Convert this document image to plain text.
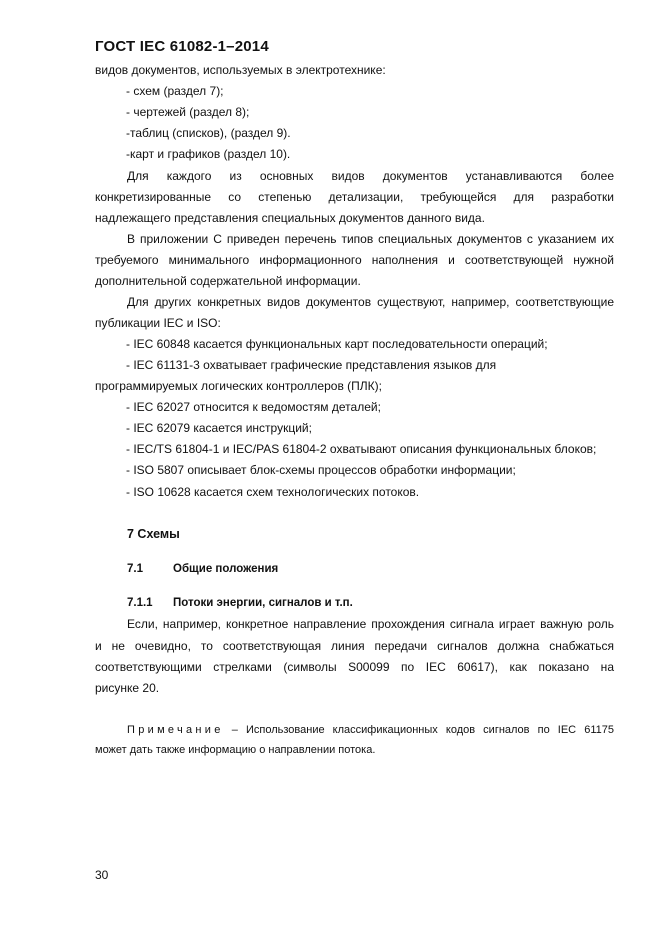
ГОСТ IEC 61082-1–2014
видов документов, используемых в электротехнике:
- схем (раздел 7);
- чертежей (раздел 8);
-таблиц (списков), (раздел 9).
-карт и графиков (раздел 10).
Для каждого из основных видов документов устанавливаются более
конкретизированные со степенью детализации, требующейся для разработки
надлежащего представления специальных документов данного вида.
В приложении С приведен перечень типов специальных документов с указанием их
требуемого минимального информационного наполнения и соответствующей нужной
дополнительной содержательной информации.
Для других конкретных видов документов существуют, например, соответствующие
публикации IEC и ISO:
- IEC 60848 касается функциональных карт последовательности операций;
- IEC 61131-3 охватывает графические представления языков для
программируемых логических контроллеров (ПЛК);
- IEC 62027 относится к ведомостям деталей;
- IEC 62079 касается инструкций;
- IEC/TS 61804-1 и IEC/PAS 61804-2 охватывают описания функциональных блоков;
- ISO 5807 описывает блок-схемы процессов обработки информации;
- ISO 10628 касается схем технологических потоков.
7 Схемы
7.1	Общие положения
7.1.1 Потоки энергии, сигналов и т.п.
Если, например, конкретное направление прохождения сигнала играет важную роль
и не очевидно, то соответствующая линия передачи сигналов должна снабжаться
соответствующими стрелками (символы S00099 по IEC 60617), как показано на
рисунке 20.
Примечание – Использование классификационных кодов сигналов по IEC 61175
может дать также информацию о направлении потока.
30
